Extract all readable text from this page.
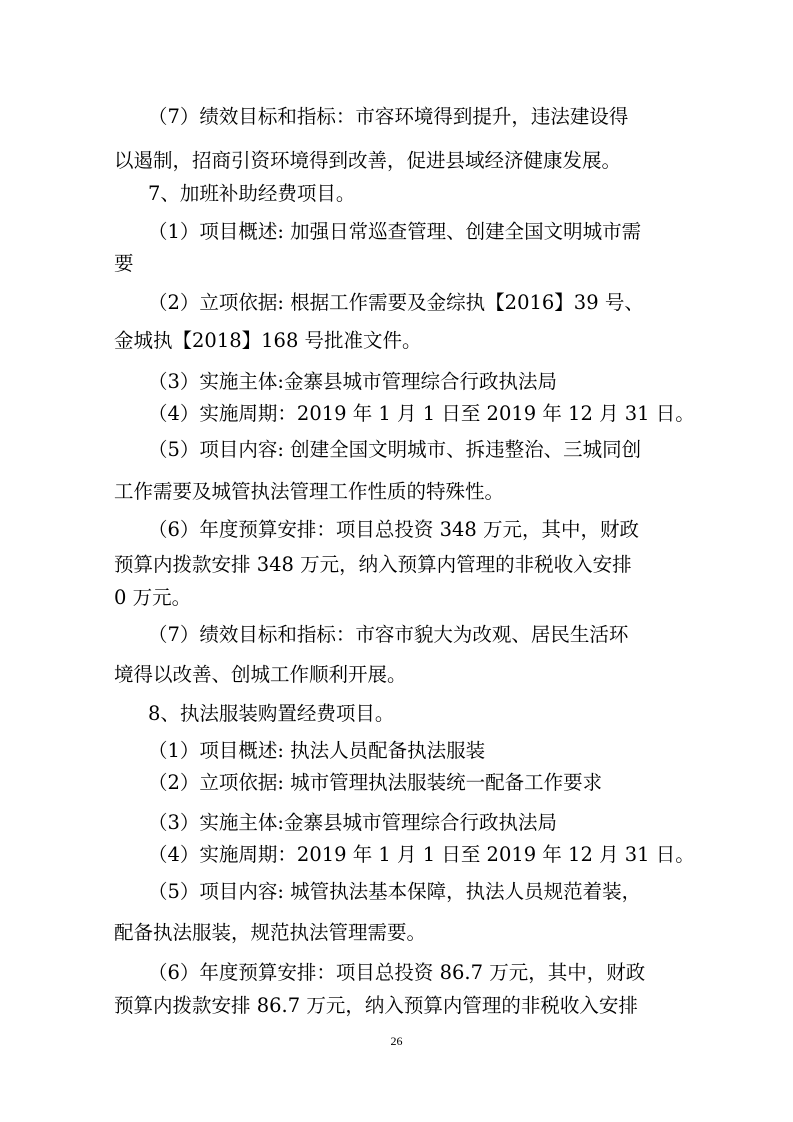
（7）绩效目标和指标：市容环境得到提升，违法建设得
以遏制，招商引资环境得到改善，促进县域经济健康发展。
7、加班补助经费项目。
（1）项目概述: 加强日常巡查管理、创建全国文明城市需
要
（2）立项依据: 根据工作需要及金综执【2016】39 号、
金城执【2018】168 号批准文件。
（3）实施主体:金寨县城市管理综合行政执法局
（4）实施周期：2019 年 1 月 1 日至 2019 年 12 月 31 日。
（5）项目内容: 创建全国文明城市、拆违整治、三城同创
工作需要及城管执法管理工作性质的特殊性。
（6）年度预算安排：项目总投资 348 万元，其中，财政
预算内拨款安排 348 万元，纳入预算内管理的非税收入安排
0 万元。
（7）绩效目标和指标：市容市貌大为改观、居民生活环
境得以改善、创城工作顺利开展。
8、执法服装购置经费项目。
（1）项目概述: 执法人员配备执法服装
（2）立项依据: 城市管理执法服装统一配备工作要求
（3）实施主体:金寨县城市管理综合行政执法局
（4）实施周期：2019 年 1 月 1 日至 2019 年 12 月 31 日。
（5）项目内容: 城管执法基本保障，执法人员规范着装，
配备执法服装，规范执法管理需要。
（6）年度预算安排：项目总投资 86.7 万元，其中，财政
预算内拨款安排 86.7 万元，纳入预算内管理的非税收入安排
26
